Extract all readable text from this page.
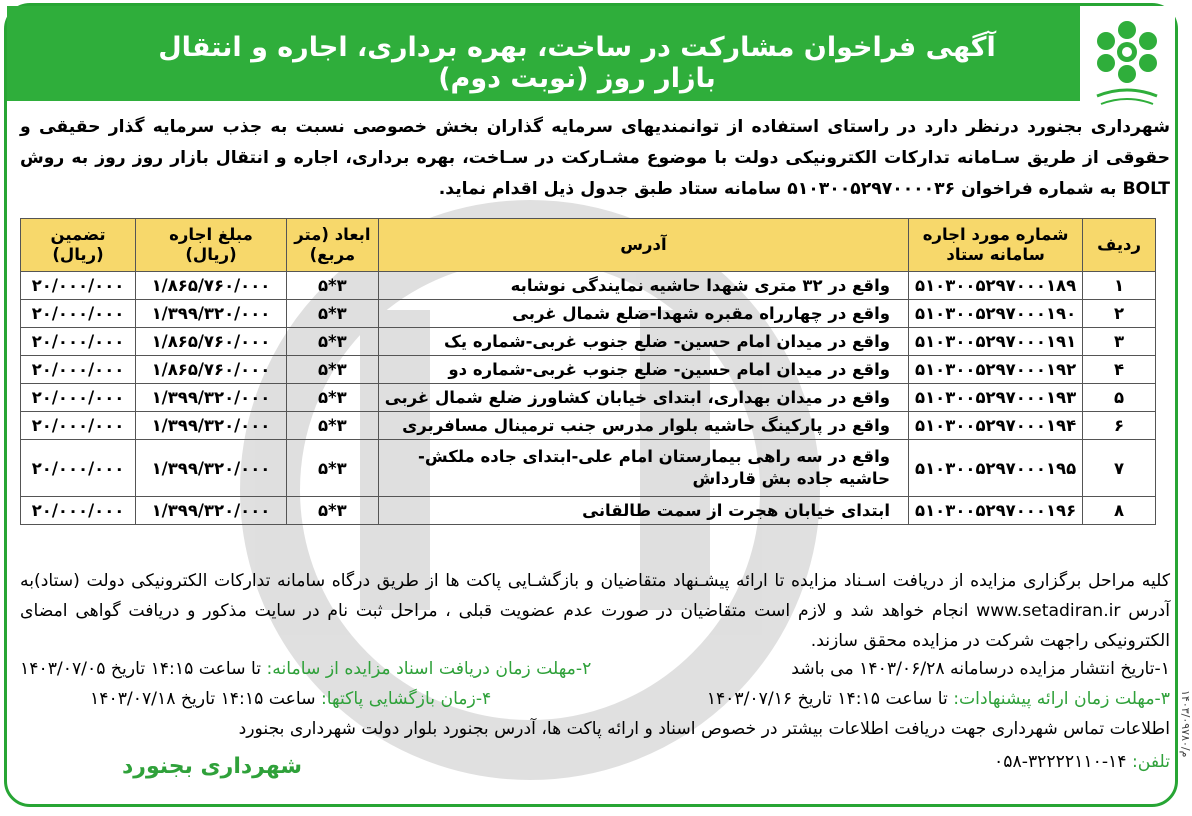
آگهی فراخوان مشارکت در ساخت، بهره برداری، اجاره و انتقال بازار روز (نوبت دوم)
شهرداری بجنورد درنظر دارد در راستای استفاده از توانمندیهای سرمایه گذاران بخش خصوصی نسبت به جذب سرمایه گذار حقیقی و حقوقی از طریق سـامانه تداركات الكترونيكى دولت با موضوع مشـاركت در سـاخت، بهره بردارى، اجاره و انتقال بازار روز روز به روش BOLT به شماره فراخوان ۵۱۰۳۰۰۵۲۹۷۰۰۰۰۳۶ سامانه ستاد طبق جدول ذیل اقدام نماید.
ردیف	شماره مورد اجاره سامانه ستاد	آدرس	ابعاد (متر مربع)	مبلغ اجاره (ریال)	تضمین (ریال)
۱	۵۱۰۳۰۰۵۲۹۷۰۰۰۱۸۹	واقع در ۳۲ متری شهدا حاشیه نمایندگی نوشابه	۳*۵	۱/۸۶۵/۷۶۰/۰۰۰	۲۰/۰۰۰/۰۰۰
۲	۵۱۰۳۰۰۵۲۹۷۰۰۰۱۹۰	واقع در چهارراه مقبره شهدا-ضلع شمال غربی	۳*۵	۱/۳۹۹/۳۲۰/۰۰۰	۲۰/۰۰۰/۰۰۰
۳	۵۱۰۳۰۰۵۲۹۷۰۰۰۱۹۱	واقع در میدان امام حسین- ضلع جنوب غربی-شماره یک	۳*۵	۱/۸۶۵/۷۶۰/۰۰۰	۲۰/۰۰۰/۰۰۰
۴	۵۱۰۳۰۰۵۲۹۷۰۰۰۱۹۲	واقع در میدان امام حسین- ضلع جنوب غربی-شماره دو	۳*۵	۱/۸۶۵/۷۶۰/۰۰۰	۲۰/۰۰۰/۰۰۰
۵	۵۱۰۳۰۰۵۲۹۷۰۰۰۱۹۳	واقع در میدان بهداری، ابتدای خیابان کشاورز ضلع شمال غربی	۳*۵	۱/۳۹۹/۳۲۰/۰۰۰	۲۰/۰۰۰/۰۰۰
۶	۵۱۰۳۰۰۵۲۹۷۰۰۰۱۹۴	واقع در پارکینگ حاشیه بلوار مدرس جنب ترمینال مسافربری	۳*۵	۱/۳۹۹/۳۲۰/۰۰۰	۲۰/۰۰۰/۰۰۰
۷	۵۱۰۳۰۰۵۲۹۷۰۰۰۱۹۵	واقع در سه راهی بیمارستان امام علی-ابتدای جاده ملکش- حاشیه جاده بش قارداش	۳*۵	۱/۳۹۹/۳۲۰/۰۰۰	۲۰/۰۰۰/۰۰۰
۸	۵۱۰۳۰۰۵۲۹۷۰۰۰۱۹۶	ابتدای خیابان هجرت از سمت طالقانی	۳*۵	۱/۳۹۹/۳۲۰/۰۰۰	۲۰/۰۰۰/۰۰۰
كليه مراحل برگزارى مزايده از دريافت اسـناد مزايده تا ارائه پيشـنهاد متقاضيان و بازگشـايى پاكت ها از طريق درگاه سامانه تداركات الكترونيكى دولت (ستاد)به آدرس www.setadiran.ir انجام خواهد شد و لازم است متقاضیان در صورت عدم عضويت قبلى ، مراحل ثبت نام در سایت مذکور و دریافت گواهى امضاى الكترونيكى راجهت شركت در مزایده محقق سازند.
۱-تاریخ انتشار مزایده درسامانه ۱۴۰۳/۰۶/۲۸ می باشد
۲-مهلت زمان دریافت اسناد مزایده از سامانه: تا ساعت ۱۴:۱۵ تاریخ ۱۴۰۳/۰۷/۰۵
۳-مهلت زمان ارائه پیشنهادات: تا ساعت ۱۴:۱۵ تاریخ ۱۴۰۳/۰۷/۱۶
۴-زمان بازگشایی پاکتها: ساعت ۱۴:۱۵ تاریخ ۱۴۰۳/۰۷/۱۸
اطلاعات تماس شهرداری جهت دریافت اطلاعات بیشتر در خصوص اسناد و ارائه پاکت ها، آدرس بجنورد بلوار دولت شهرداری بجنورد
تلفن: ۱۴-۳۲۲۲۲۱۱۰-۰۵۸
شهرداری بجنورد
م/۱۴۰۳/۰۹۷۸۰
